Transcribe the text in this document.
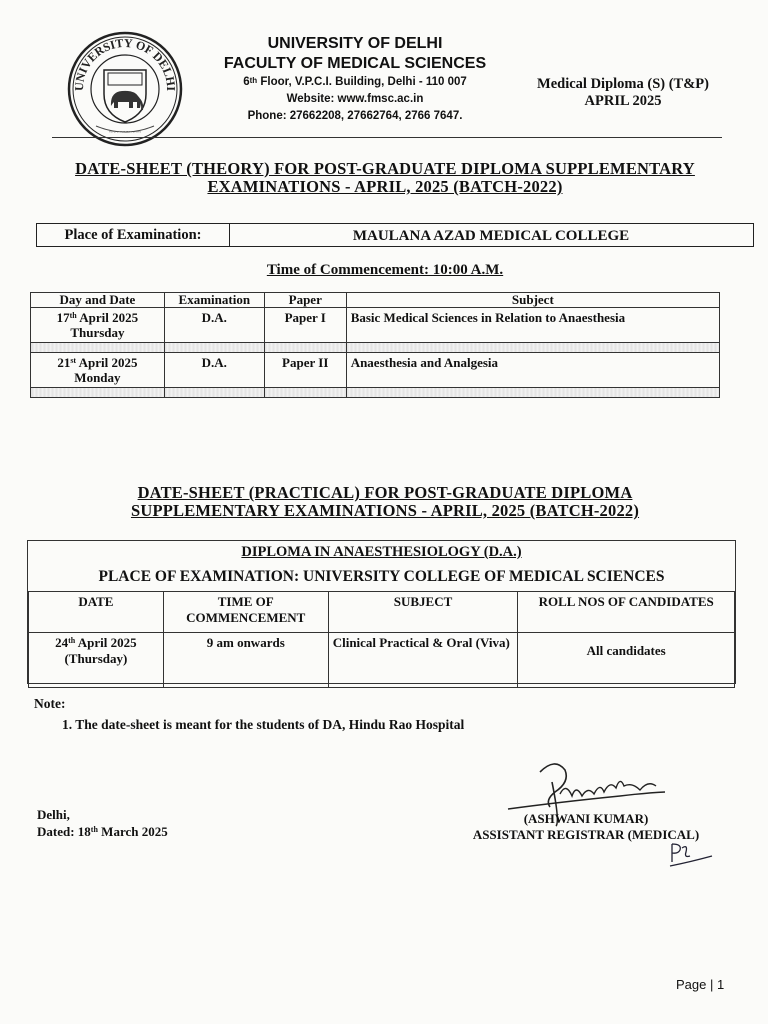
UNIVERSITY OF DELHI
~~~ ~~~ ~~~
UNIVERSITY OF DELHI
FACULTY OF MEDICAL SCIENCES
6th Floor, V.P.C.I. Building, Delhi - 110 007
Website: www.fmsc.ac.in
Phone: 27662208, 27662764, 2766 7647.
Medical Diploma (S) (T&P)
APRIL 2025
DATE-SHEET (THEORY) FOR POST-GRADUATE DIPLOMA SUPPLEMENTARY
EXAMINATIONS - APRIL, 2025 (BATCH-2022)
Place of Examination:	MAULANA AZAD MEDICAL COLLEGE
Time of Commencement: 10:00 A.M.
Day and Date	Examination	Paper	Subject
17th April 2025
Thursday	D.A.	Paper I	Basic Medical Sciences in Relation to Anaesthesia

21st April 2025
Monday	D.A.	Paper II	Anaesthesia and Analgesia

DATE-SHEET (PRACTICAL) FOR POST-GRADUATE DIPLOMA
SUPPLEMENTARY EXAMINATIONS - APRIL, 2025 (BATCH-2022)
DIPLOMA IN ANAESTHESIOLOGY (D.A.)
PLACE OF EXAMINATION: UNIVERSITY COLLEGE OF MEDICAL SCIENCES
DATE	TIME OF COMMENCEMENT	SUBJECT	ROLL NOS OF CANDIDATES
24th April 2025
(Thursday)	9 am onwards	Clinical Practical & Oral (Viva)	All candidates
Note:
1. The date-sheet is meant for the students of DA, Hindu Rao Hospital
Delhi,
Dated: 18th March 2025
(ASHWANI KUMAR)
ASSISTANT REGISTRAR (MEDICAL)
Page | 1
